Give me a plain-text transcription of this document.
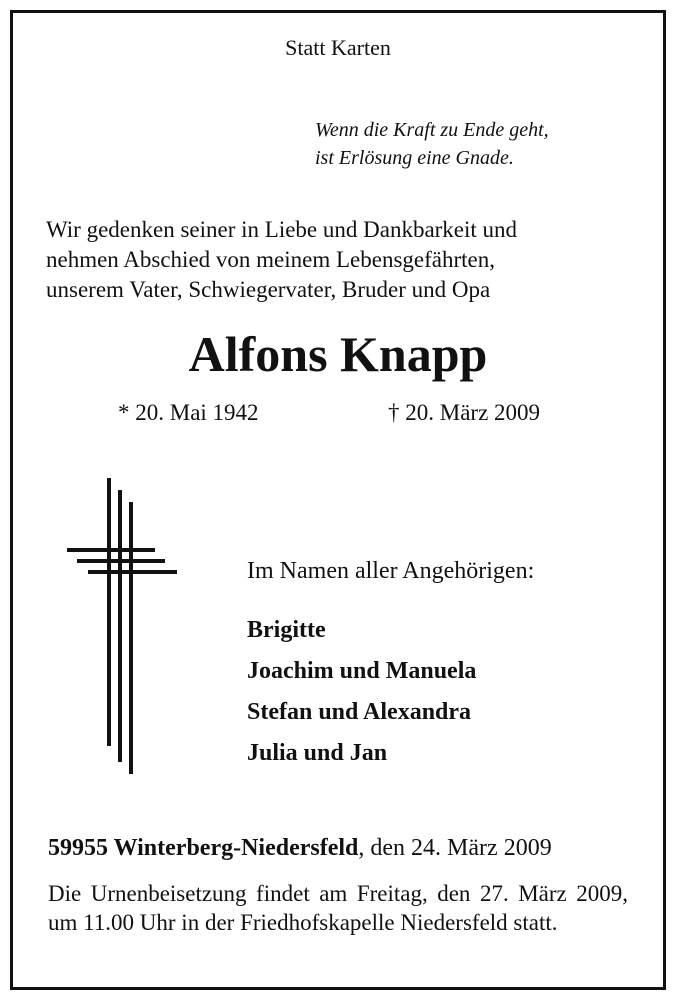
Statt Karten
Wenn die Kraft zu Ende geht,
ist Erlösung eine Gnade.
Wir gedenken seiner in Liebe und Dankbarkeit und
nehmen Abschied von meinem Lebensgefährten,
unserem Vater, Schwiegervater, Bruder und Opa
Alfons Knapp
* 20. Mai 1942	† 20. März 2009
Im Namen aller Angehörigen:
Brigitte
Joachim und Manuela
Stefan und Alexandra
Julia und Jan
59955 Winterberg-Niedersfeld, den 24. März 2009
Die Urnenbeisetzung findet am Freitag, den 27. März 2009, um 11.00 Uhr in der Friedhofskapelle Niedersfeld statt.
